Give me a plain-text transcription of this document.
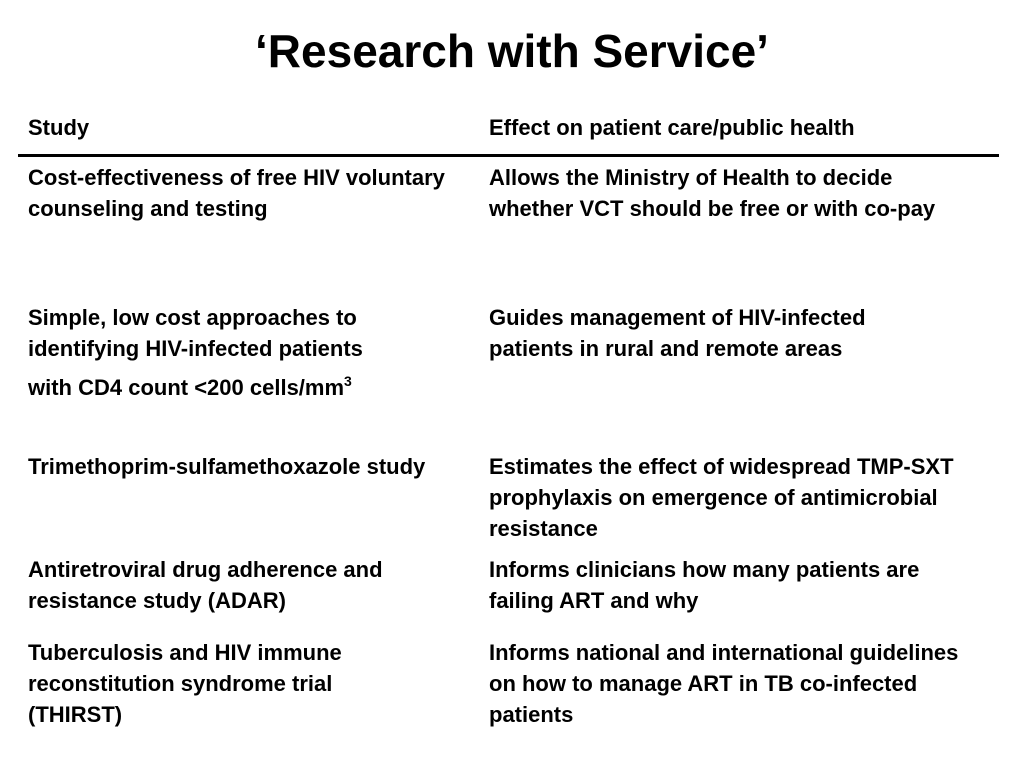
‘Research with Service’
Study	Effect on patient care/public health
Cost-effectiveness of free HIV voluntary counseling and testing
Allows the Ministry of Health to decide whether VCT should be free or with co-pay
Simple, low cost approaches to identifying HIV-infected patients
with CD4 count <200 cells/$mm^3$
Guides management of HIV-infected patients in rural and remote areas
Trimethoprim-sulfamethoxazole study	Estimates the effect of widespread TMP-SXT prophylaxis on emergence of antimicrobial resistance
Antiretroviral drug adherence and resistance study (ADAR)
Informs clinicians how many patients are failing ART and why
Tuberculosis and HIV immune reconstitution syndrome trial (THIRST)
Informs national and international guidelines on how to manage ART in TB co-infected patients
